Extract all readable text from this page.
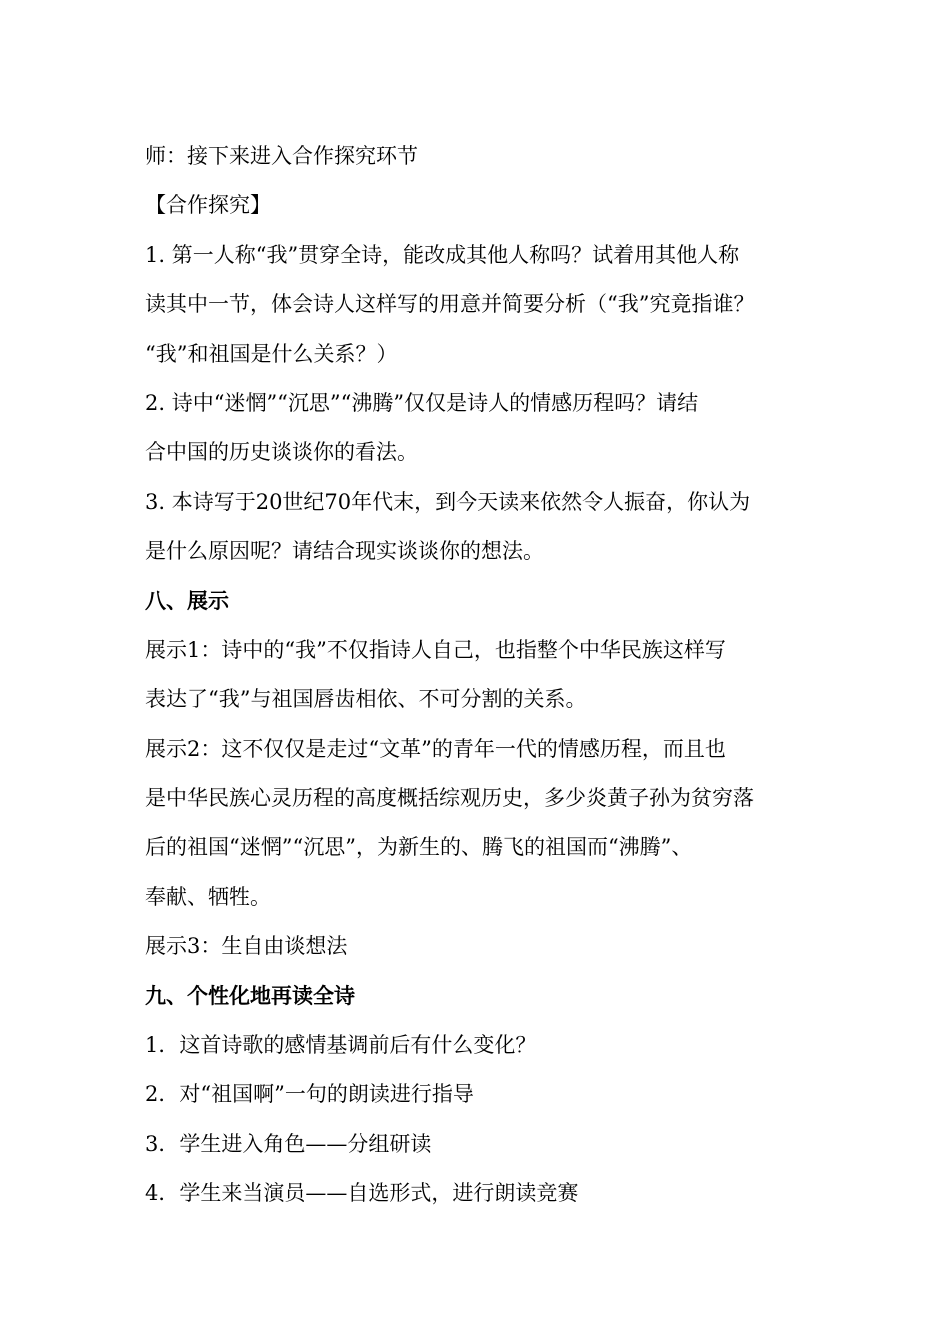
师：接下来进入合作探究环节
【合作探究】
1. 第一人称“我”贯穿全诗，能改成其他人称吗？试着用其他人称
读其中一节，体会诗人这样写的用意并简要分析（“我”究竟指谁？
“我”和祖国是什么关系？）
2. 诗中“迷惘”“沉思”“沸腾”仅仅是诗人的情感历程吗？请结
合中国的历史谈谈你的看法。
3. 本诗写于20世纪70年代末，到今天读来依然令人振奋，你认为
是什么原因呢？请结合现实谈谈你的想法。
八、展示
展示1：诗中的“我”不仅指诗人自己，也指整个中华民族这样写
表达了“我”与祖国唇齿相依、不可分割的关系。
展示2：这不仅仅是走过“文革”的青年一代的情感历程，而且也
是中华民族心灵历程的高度概括综观历史，多少炎黄子孙为贫穷落
后的祖国“迷惘”“沉思”，为新生的、腾飞的祖国而“沸腾”、
奉献、牺牲。
展示3：生自由谈想法
九、个性化地再读全诗
1．这首诗歌的感情基调前后有什么变化？
2．对“祖国啊”一句的朗读进行指导
3．学生进入角色——分组研读
4．学生来当演员——自选形式，进行朗读竞赛
